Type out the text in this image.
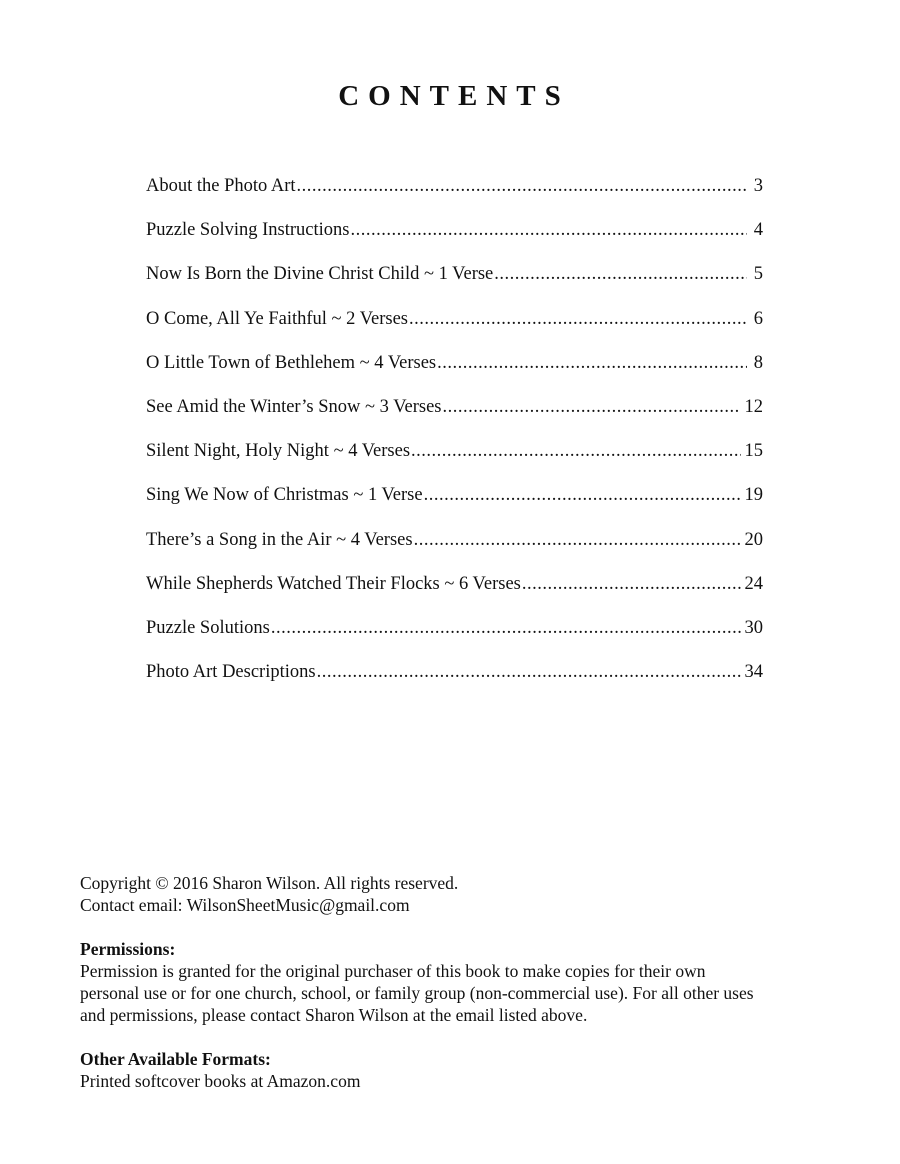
CONTENTS
About the Photo Art .....	3
Puzzle Solving Instructions .....	4
Now Is Born the Divine Christ Child ~ 1 Verse .....	5
O Come, All Ye Faithful ~ 2 Verses .....	6
O Little Town of Bethlehem ~ 4 Verses .....	8
See Amid the Winter’s Snow ~ 3 Verses .....	12
Silent Night, Holy Night ~ 4 Verses .....	15
Sing We Now of Christmas ~ 1 Verse .....	19
There’s a Song in the Air ~ 4 Verses .....	20
While Shepherds Watched Their Flocks ~ 6 Verses .....	24
Puzzle Solutions .....	30
Photo Art Descriptions .....	34

Copyright © 2016 Sharon Wilson. All rights reserved.

Contact email: WilsonSheetMusic@gmail.com

Permissions:

Permission is granted for the original purchaser of this book to make copies for their own

personal use or for one church, school, or family group (non-commercial use). For all other uses

and permissions, please contact Sharon Wilson at the email listed above.

Other Available Formats:

Printed softcover books at Amazon.com
